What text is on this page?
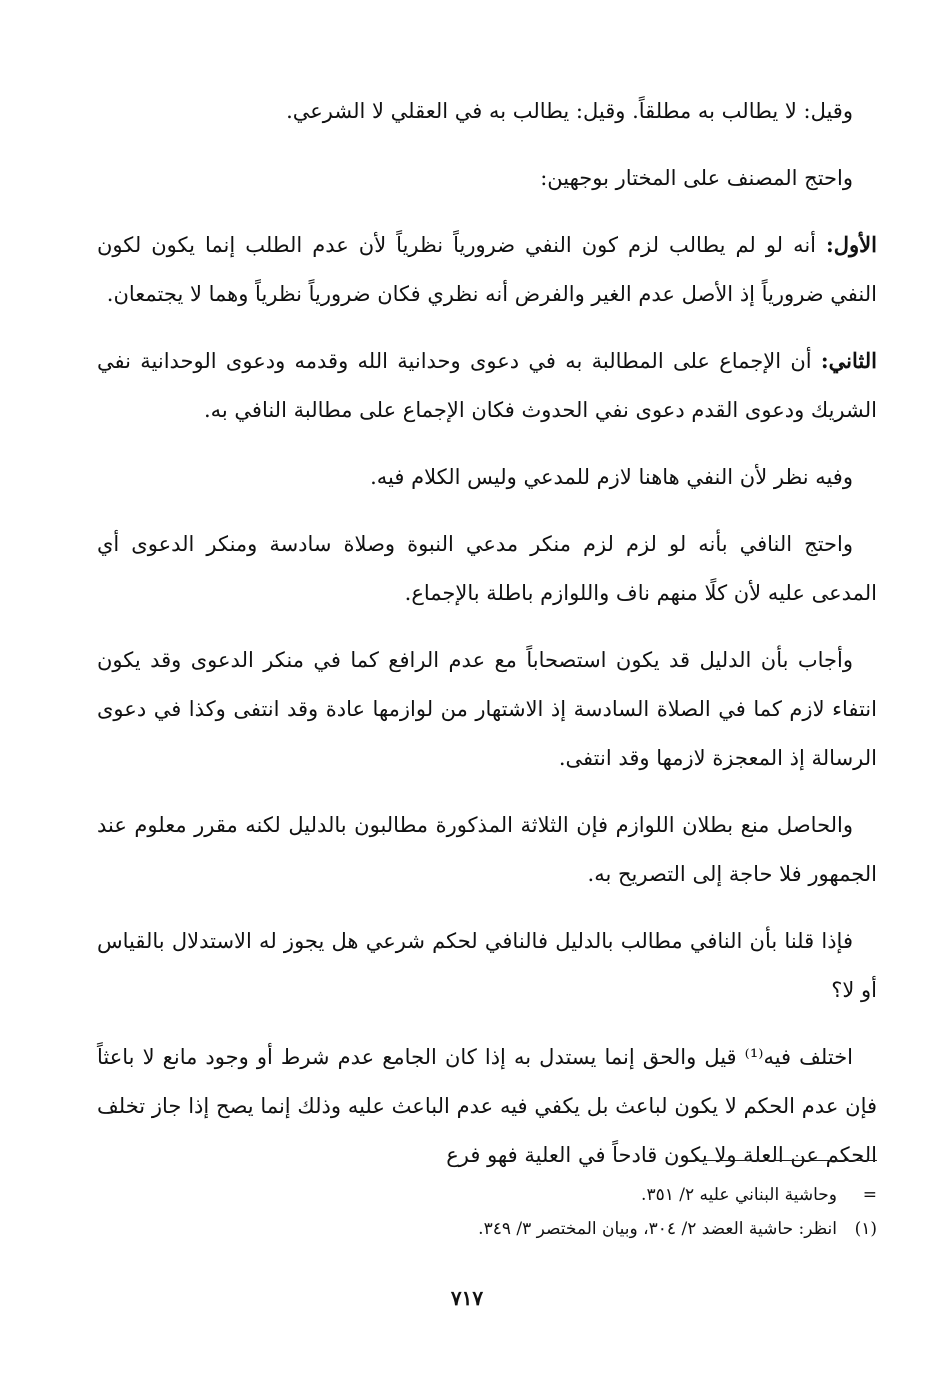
وقيل: لا يطالب به مطلقاً. وقيل: يطالب به في العقلي لا الشرعي.

واحتج المصنف على المختار بوجهين:

الأول: أنه لو لم يطالب لزم كون النفي ضرورياً نظرياً لأن عدم الطلب إنما يكون لكون النفي ضرورياً إذ الأصل عدم الغير والفرض أنه نظري فكان ضرورياً نظرياً وهما لا يجتمعان.

الثاني: أن الإجماع على المطالبة به في دعوى وحدانية الله وقدمه ودعوى الوحدانية نفي الشريك ودعوى القدم دعوى نفي الحدوث فكان الإجماع على مطالبة النافي به.

وفيه نظر لأن النفي هاهنا لازم للمدعي وليس الكلام فيه.

واحتج النافي بأنه لو لزم لزم منكر مدعي النبوة وصلاة سادسة ومنكر الدعوى أي المدعى عليه لأن كلًا منهم ناف واللوازم باطلة بالإجماع.

وأجاب بأن الدليل قد يكون استصحاباً مع عدم الرافع كما في منكر الدعوى وقد يكون انتفاء لازم كما في الصلاة السادسة إذ الاشتهار من لوازمها عادة وقد انتفى وكذا في دعوى الرسالة إذ المعجزة لازمها وقد انتفى.

والحاصل منع بطلان اللوازم فإن الثلاثة المذكورة مطالبون بالدليل لكنه مقرر معلوم عند الجمهور فلا حاجة إلى التصريح به.

فإذا قلنا بأن النافي مطالب بالدليل فالنافي لحكم شرعي هل يجوز له الاستدلال بالقياس أو لا؟

اختلف فيه⁽¹⁾ قيل والحق إنما يستدل به إذا كان الجامع عدم شرط أو وجود مانع لا باعثاً فإن عدم الحكم لا يكون لباعث بل يكفي فيه عدم الباعث عليه وذلك إنما يصح إذا جاز تخلف الحكم عن العلة ولا يكون قادحاً في العلية فهو فرع

=وحاشية البناني عليه ٢/ ٣٥١.
(١)انظر: حاشية العضد ٢/ ٣٠٤، وبيان المختصر ٣/ ٣٤٩.
٧١٧
